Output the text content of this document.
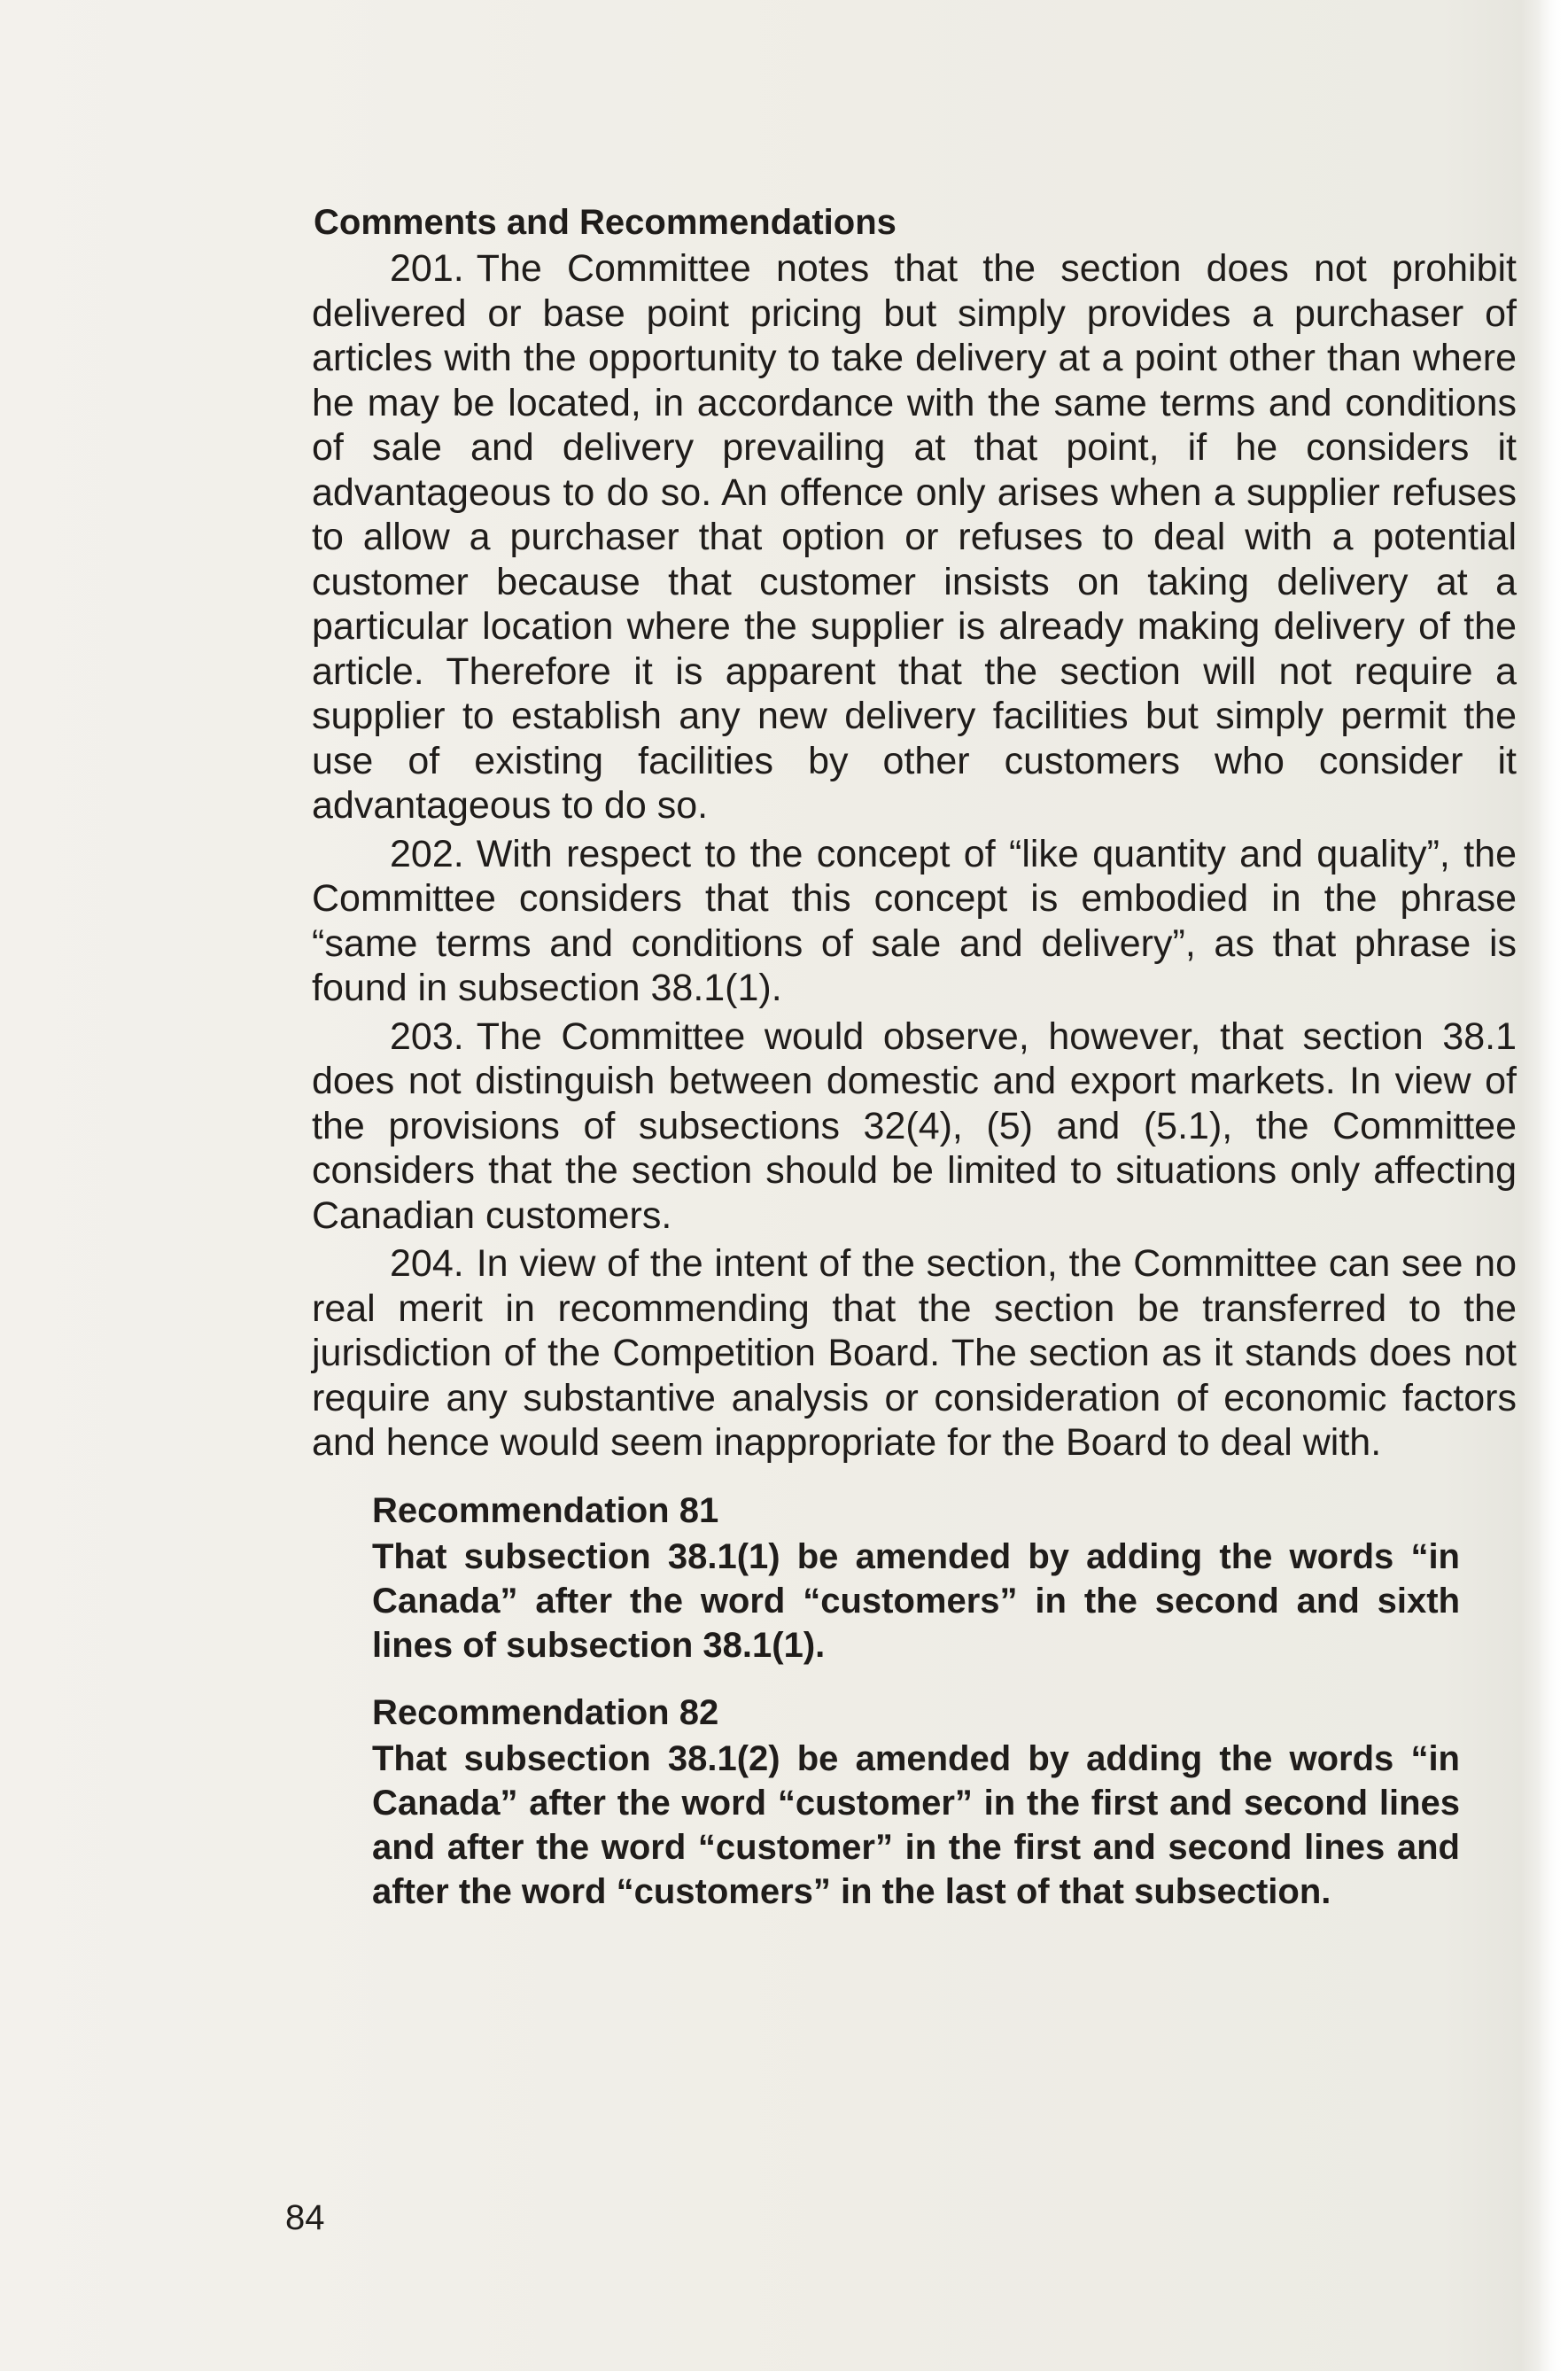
Comments and Recommendations

201. The Committee notes that the section does not prohibit delivered or base point pricing but simply provides a purchaser of articles with the opportunity to take delivery at a point other than where he may be located, in accordance with the same terms and conditions of sale and delivery prevailing at that point, if he considers it advantageous to do so. An offence only arises when a supplier refuses to allow a purchaser that option or refuses to deal with a potential customer because that customer insists on taking delivery at a particular location where the supplier is already making delivery of the article. Therefore it is apparent that the section will not require a supplier to establish any new delivery facilities but simply permit the use of existing facilities by other customers who consider it advantageous to do so.

202. With respect to the concept of “like quantity and quality”, the Committee considers that this concept is embodied in the phrase “same terms and conditions of sale and delivery”, as that phrase is found in subsection 38.1(1).

203. The Committee would observe, however, that section 38.1 does not distinguish between domestic and export markets. In view of the provisions of subsections 32(4), (5) and (5.1), the Committee considers that the section should be limited to situations only affecting Canadian customers.

204. In view of the intent of the section, the Committee can see no real merit in recommending that the section be transferred to the jurisdiction of the Competition Board. The section as it stands does not require any substantive analysis or consideration of economic factors and hence would seem inappropriate for the Board to deal with.

Recommendation 81

That subsection 38.1(1) be amended by adding the words “in Canada” after the word “customers” in the second and sixth lines of subsection 38.1(1).

Recommendation 82

That subsection 38.1(2) be amended by adding the words “in Canada” after the word “customer” in the first and second lines and after the word “customer” in the first and second lines and after the word “customers” in the last of that subsection.

84
